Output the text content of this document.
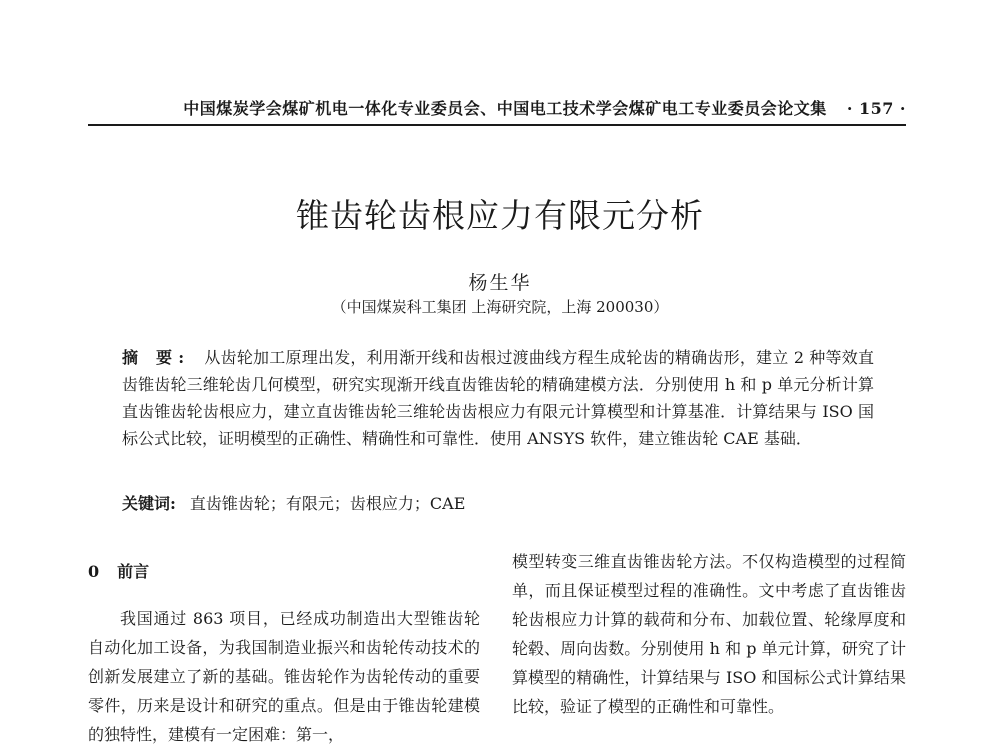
中国煤炭学会煤矿机电一体化专业委员会、中国电工技术学会煤矿电工专业委员会论文集 · 157 ·
锥齿轮齿根应力有限元分析
杨生华
（中国煤炭科工集团 上海研究院，上海 200030）
摘 要: 从齿轮加工原理出发，利用渐开线和齿根过渡曲线方程生成轮齿的精确齿形，建立 2 种等效直齿锥齿轮三维轮齿几何模型，研究实现渐开线直齿锥齿轮的精确建模方法．分别使用 h 和 p 单元分析计算直齿锥齿轮齿根应力，建立直齿锥齿轮三维轮齿齿根应力有限元计算模型和计算基准．计算结果与 ISO 国标公式比较，证明模型的正确性、精确性和可靠性．使用 ANSYS 软件，建立锥齿轮 CAE 基础．
关键词: 直齿锥齿轮；有限元；齿根应力；CAE
0 前言

我国通过 863 项目，已经成功制造出大型锥齿轮自动化加工设备，为我国制造业振兴和齿轮传动技术的创新发展建立了新的基础。锥齿轮作为齿轮传动的重要零件，历来是设计和研究的重点。但是由于锥齿轮建模的独特性，建模有一定困难：第一，

模型转变三维直齿锥齿轮方法。不仅构造模型的过程简单，而且保证模型过程的准确性。文中考虑了直齿锥齿轮齿根应力计算的载荷和分布、加载位置、轮缘厚度和轮毂、周向齿数。分别使用 h 和 p 单元计算，研究了计算模型的精确性，计算结果与 ISO 和国标公式计算结果比较，验证了模型的正确性和可靠性。
